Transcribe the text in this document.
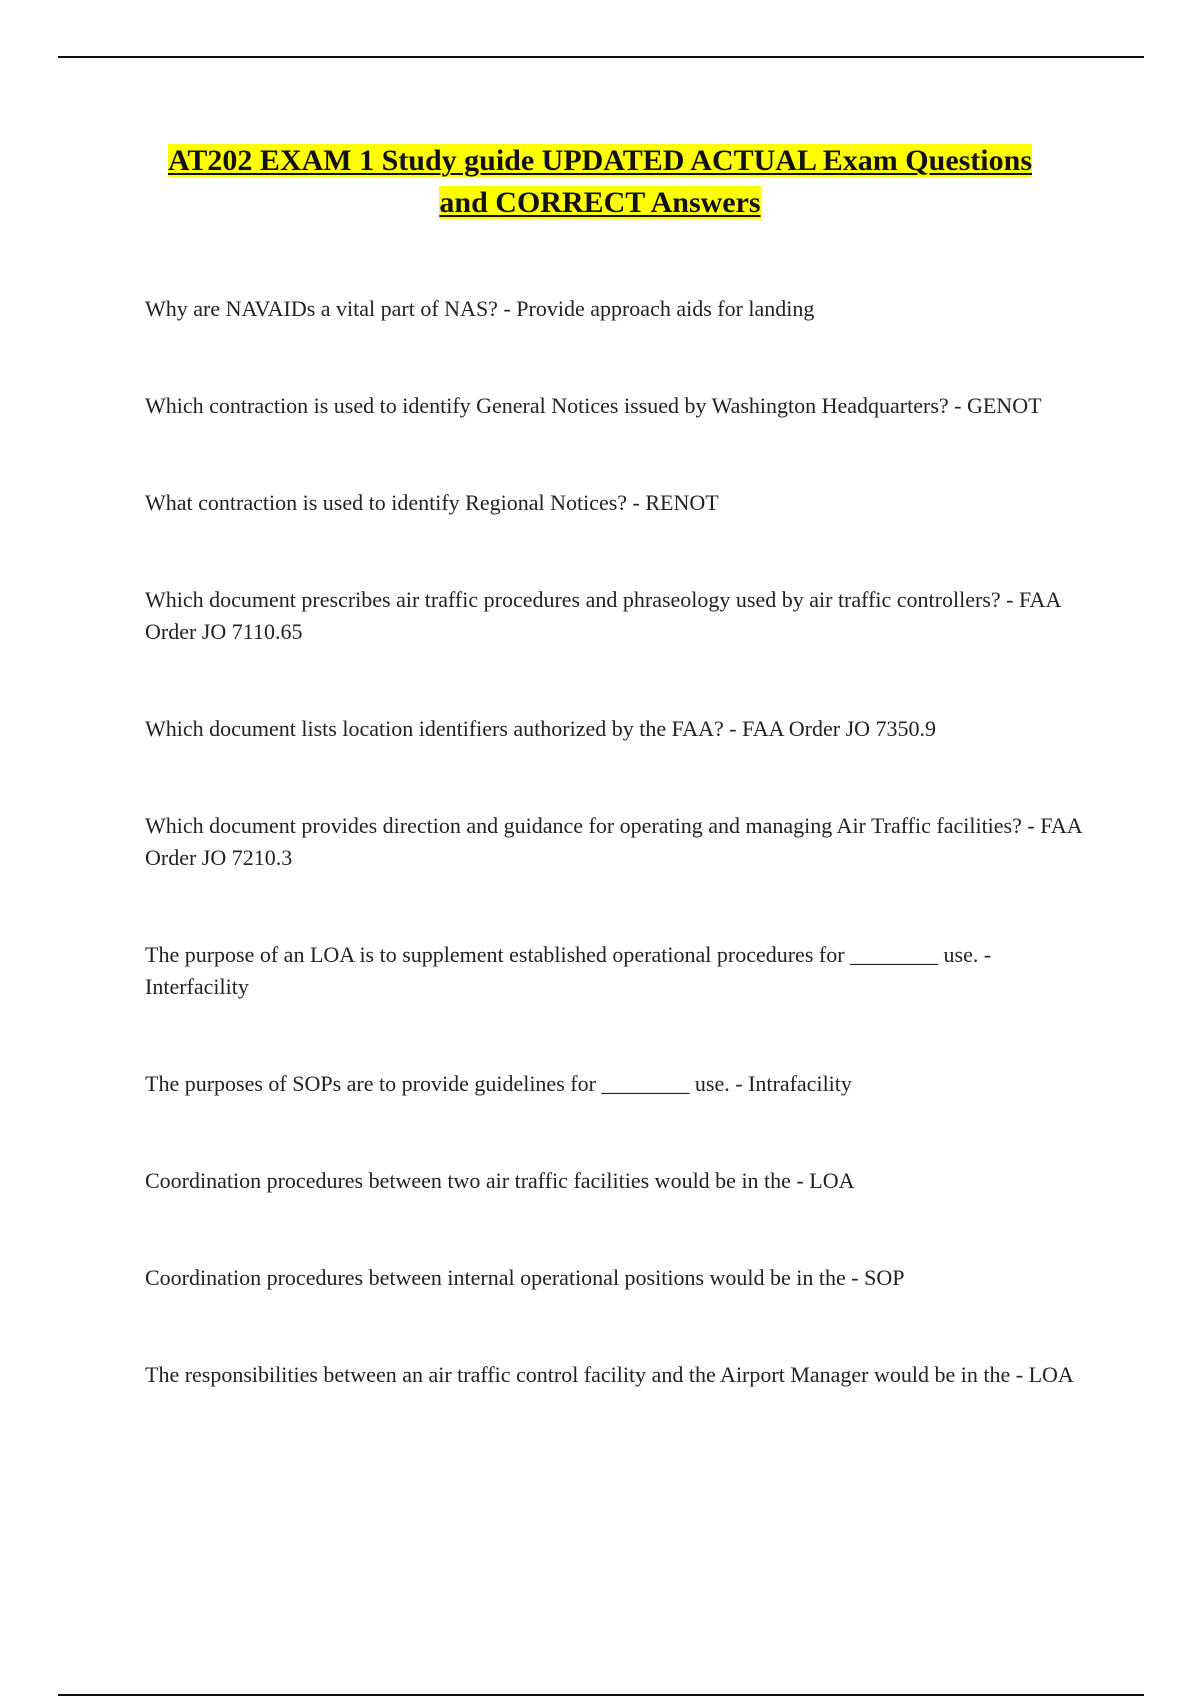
AT202 EXAM 1 Study guide UPDATED ACTUAL Exam Questions
and CORRECT Answers
Why are NAVAIDs a vital part of NAS? - Provide approach aids for landing
Which contraction is used to identify General Notices issued by Washington Headquarters? - GENOT
What contraction is used to identify Regional Notices? - RENOT
Which document prescribes air traffic procedures and phraseology used by air traffic controllers? - FAA Order JO 7110.65
Which document lists location identifiers authorized by the FAA? - FAA Order JO 7350.9
Which document provides direction and guidance for operating and managing Air Traffic facilities? - FAA Order JO 7210.3
The purpose of an LOA is to supplement established operational procedures for ________ use. - Interfacility
The purposes of SOPs are to provide guidelines for ________ use. - Intrafacility
Coordination procedures between two air traffic facilities would be in the - LOA
Coordination procedures between internal operational positions would be in the - SOP
The responsibilities between an air traffic control facility and the Airport Manager would be in the - LOA
